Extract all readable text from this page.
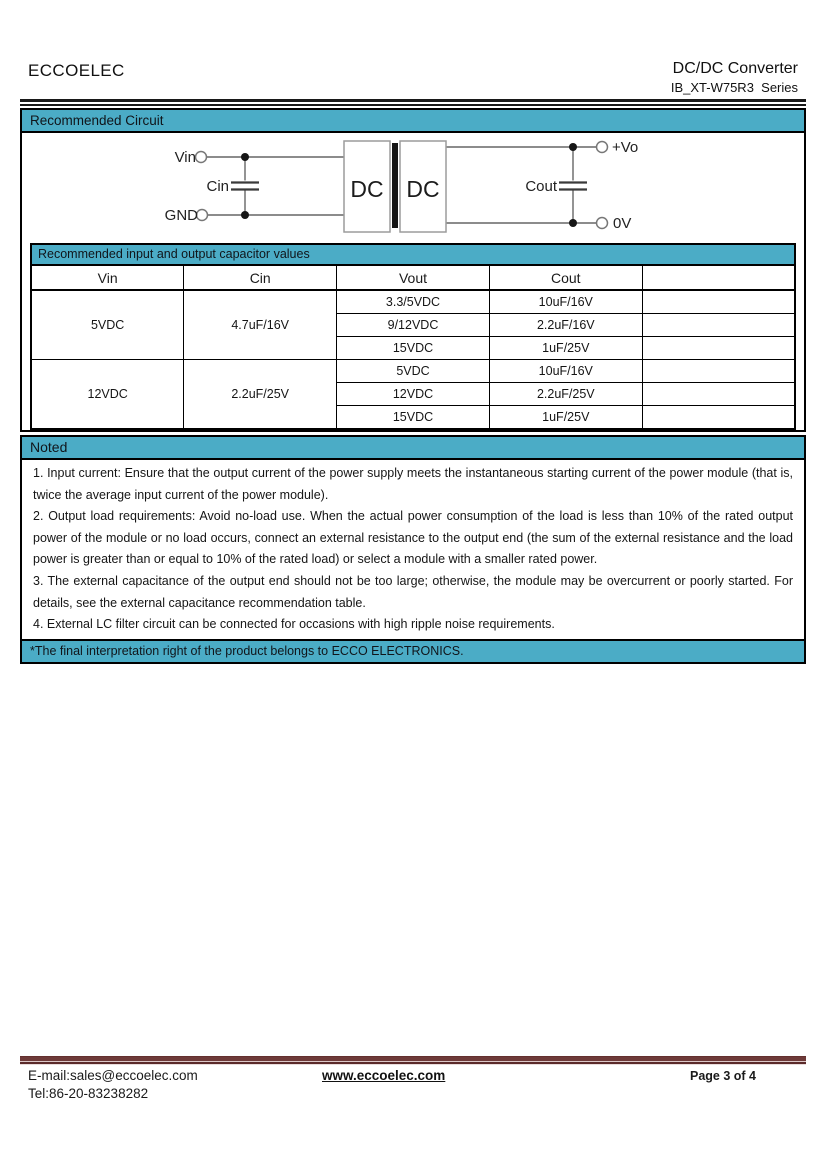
ECCOELEC	DC/DC Converter
IB_XT-W75R3  Series
Recommended Circuit
Vin
Cin
GND
Cout
+Vo
0V
DC DC
Recommended input and output capacitor values
Vin	Cin	Vout	Cout	
5VDC	4.7uF/16V	3.3/5VDC	10uF/16V	
		9/12VDC	2.2uF/16V	
		15VDC	1uF/25V	
12VDC	2.2uF/25V	5VDC	10uF/16V	
		12VDC	2.2uF/25V	
		15VDC	1uF/25V	
Noted

1. Input current: Ensure that the output current of the power supply meets the instantaneous starting current of the power module (that is, twice the average input current of the power module).

2. Output load requirements: Avoid no-load use. When the actual power consumption of the load is less than 10% of the rated output power of the module or no load occurs, connect an external resistance to the output end (the sum of the external resistance and the load power is greater than or equal to 10% of the rated load) or select a module with a smaller rated power.

3. The external capacitance of the output end should not be too large; otherwise, the module may be overcurrent or poorly started. For details, see the external capacitance recommendation table.

4. External LC filter circuit can be connected for occasions with high ripple noise requirements.

*The final interpretation right of the product belongs to ECCO ELECTRONICS.
E-mail:sales@eccoelec.com
Tel:86-20-83238282
www.eccoelec.com	Page 3 of 4
